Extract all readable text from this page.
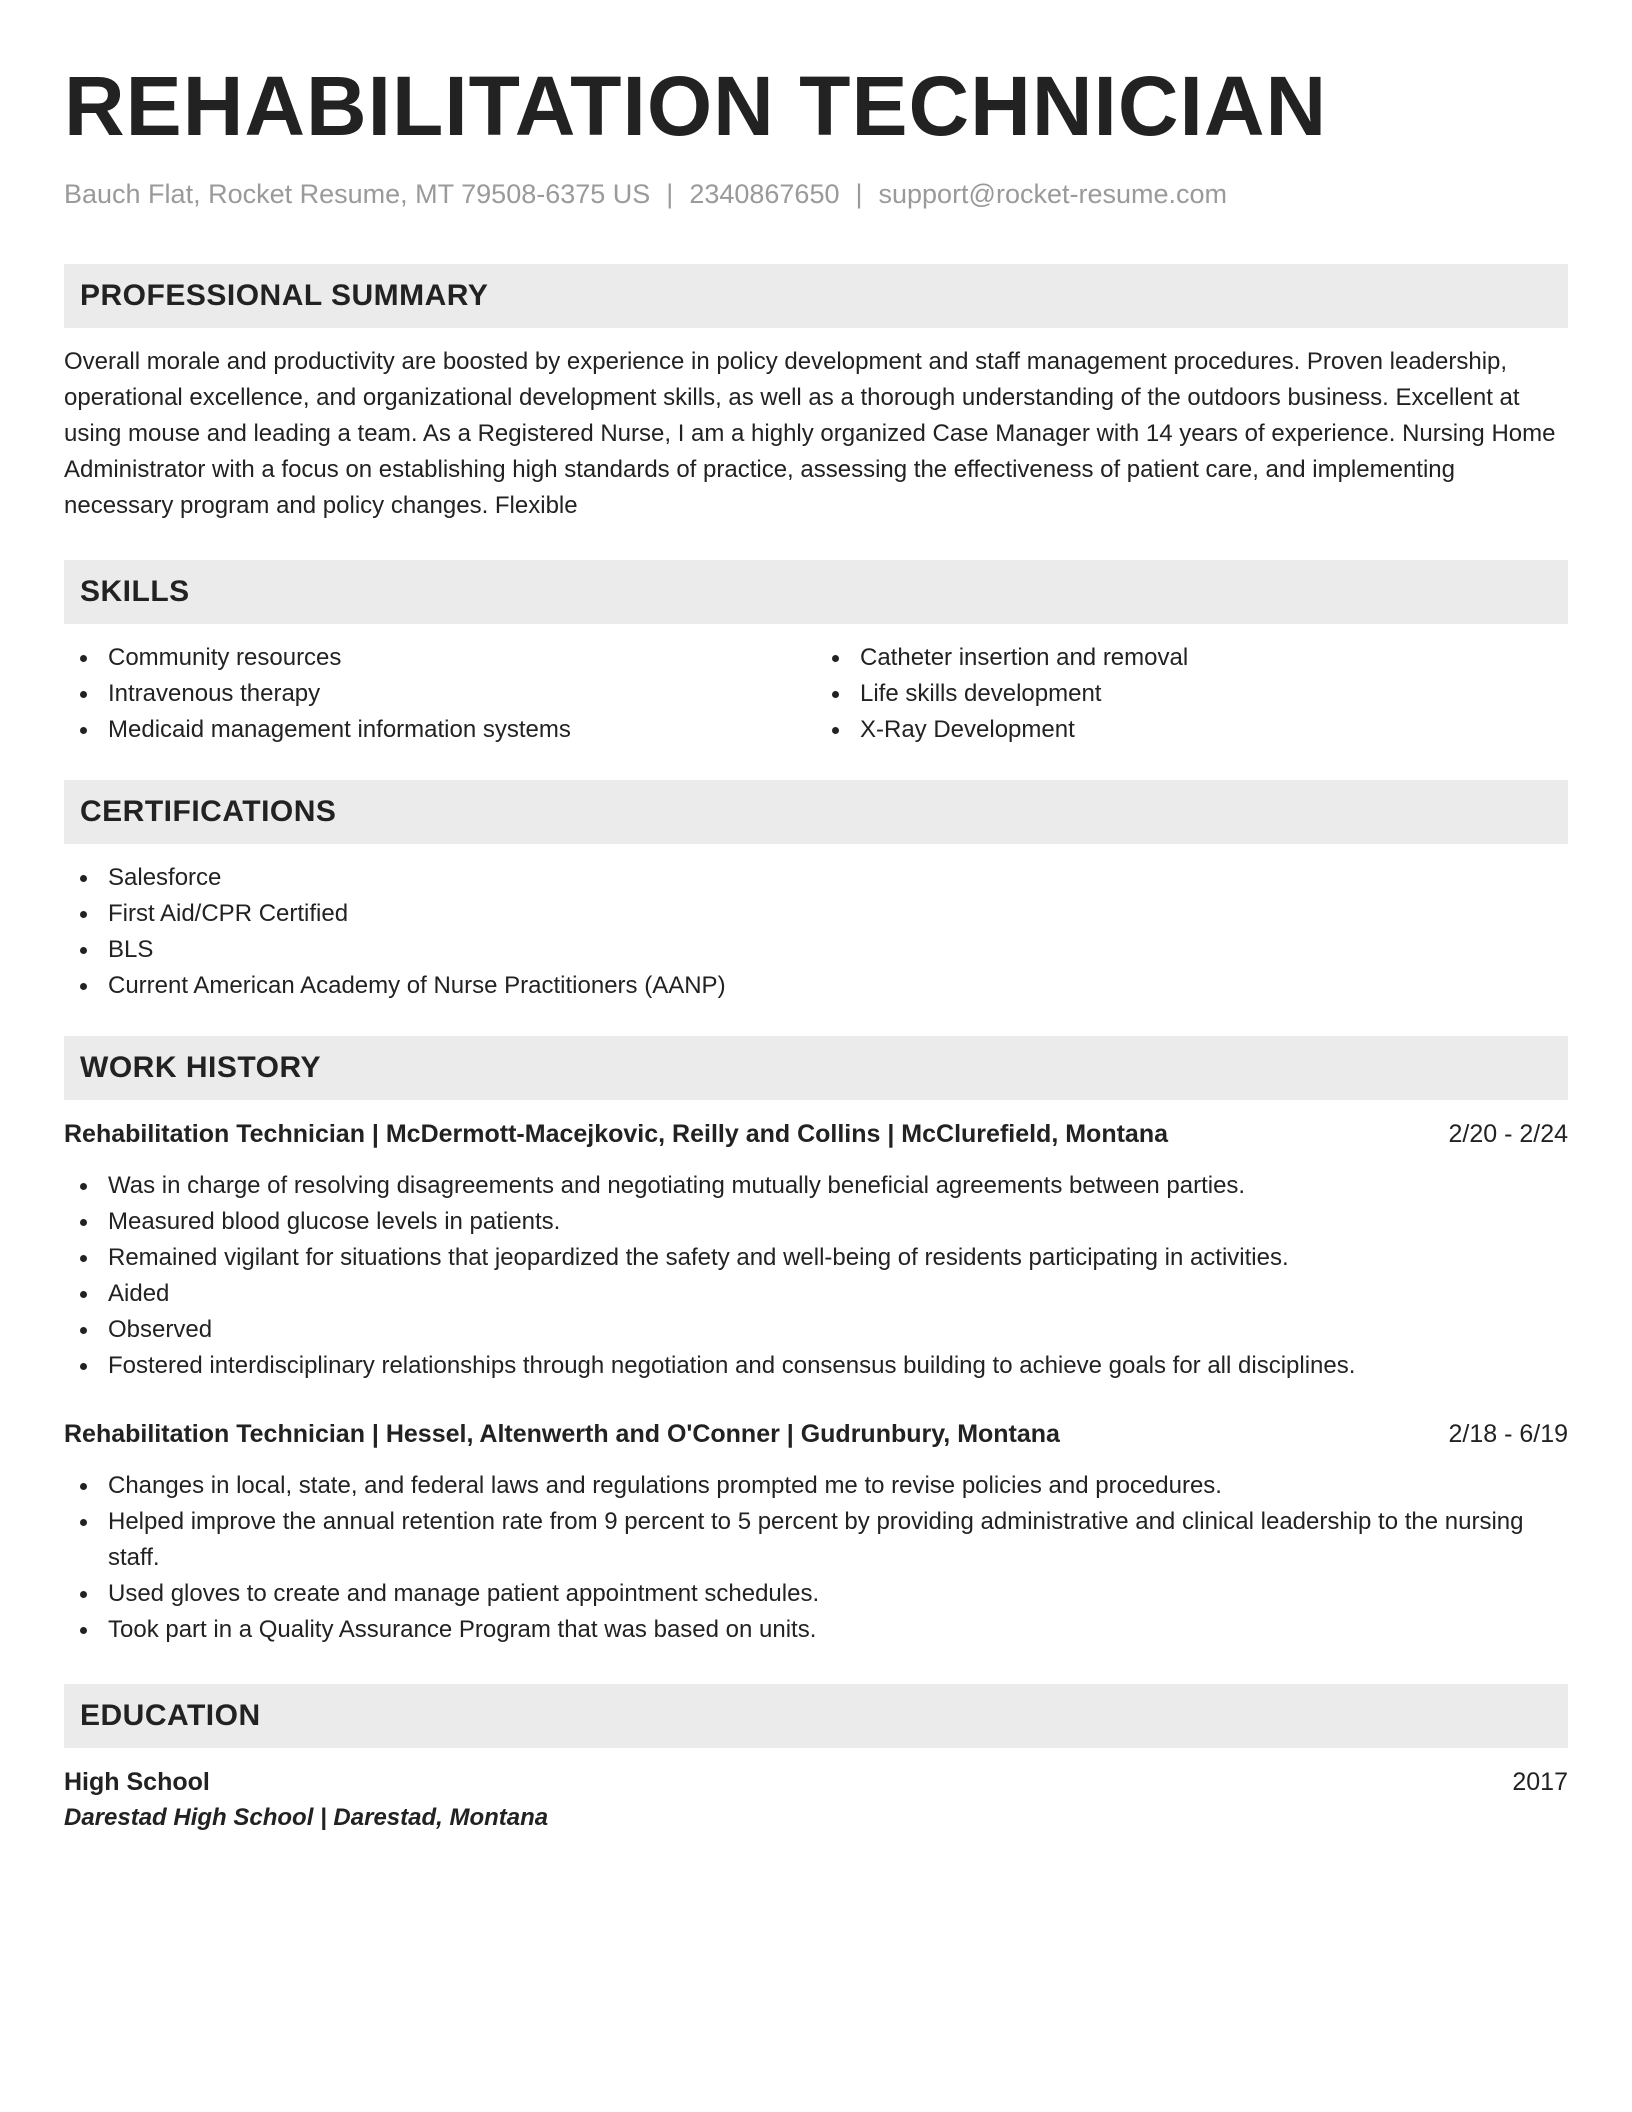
REHABILITATION TECHNICIAN
Bauch Flat, Rocket Resume, MT 79508-6375 US | 2340867650 | support@rocket-resume.com
PROFESSIONAL SUMMARY
Overall morale and productivity are boosted by experience in policy development and staff management procedures. Proven leadership, operational excellence, and organizational development skills, as well as a thorough understanding of the outdoors business. Excellent at using mouse and leading a team. As a Registered Nurse, I am a highly organized Case Manager with 14 years of experience. Nursing Home Administrator with a focus on establishing high standards of practice, assessing the effectiveness of patient care, and implementing necessary program and policy changes. Flexible
SKILLS
Community resources
Intravenous therapy
Medicaid management information systems
Catheter insertion and removal
Life skills development
X-Ray Development
CERTIFICATIONS
Salesforce
First Aid/CPR Certified
BLS
Current American Academy of Nurse Practitioners (AANP)
WORK HISTORY
Rehabilitation Technician | McDermott-Macejkovic, Reilly and Collins | McClurefield, Montana	2/20 - 2/24
Was in charge of resolving disagreements and negotiating mutually beneficial agreements between parties.
Measured blood glucose levels in patients.
Remained vigilant for situations that jeopardized the safety and well-being of residents participating in activities.
Aided
Observed
Fostered interdisciplinary relationships through negotiation and consensus building to achieve goals for all disciplines.
Rehabilitation Technician | Hessel, Altenwerth and O'Conner | Gudrunbury, Montana	2/18 - 6/19
Changes in local, state, and federal laws and regulations prompted me to revise policies and procedures.
Helped improve the annual retention rate from 9 percent to 5 percent by providing administrative and clinical leadership to the nursing staff.
Used gloves to create and manage patient appointment schedules.
Took part in a Quality Assurance Program that was based on units.
EDUCATION
High School	2017
Darestad High School | Darestad, Montana
